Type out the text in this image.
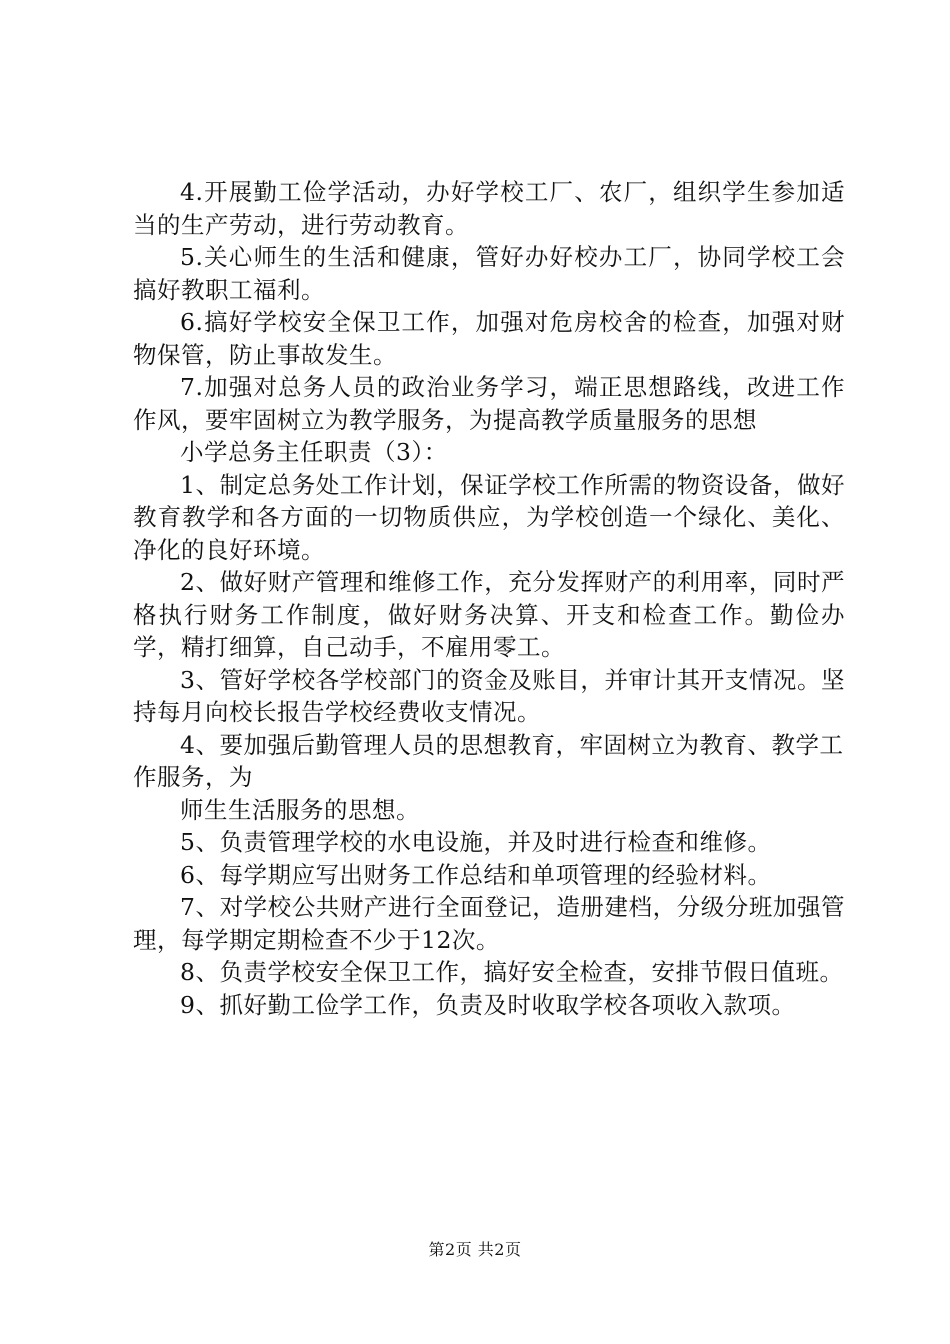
4.开展勤工俭学活动，办好学校工厂、农厂，组织学生参加适当的生产劳动，进行劳动教育。

5.关心师生的生活和健康，管好办好校办工厂，协同学校工会搞好教职工福利。

6.搞好学校安全保卫工作，加强对危房校舍的检查，加强对财物保管，防止事故发生。

7.加强对总务人员的政治业务学习，端正思想路线，改进工作作风，要牢固树立为教学服务，为提高教学质量服务的思想

小学总务主任职责（3）：

1、制定总务处工作计划，保证学校工作所需的物资设备，做好教育教学和各方面的一切物质供应，为学校创造一个绿化、美化、净化的良好环境。

2、做好财产管理和维修工作，充分发挥财产的利用率，同时严格执行财务工作制度，做好财务决算、开支和检查工作。勤俭办学，精打细算，自己动手，不雇用零工。

3、管好学校各学校部门的资金及账目，并审计其开支情况。坚持每月向校长报告学校经费收支情况。

4、要加强后勤管理人员的思想教育，牢固树立为教育、教学工作服务，为

师生生活服务的思想。

5、负责管理学校的水电设施，并及时进行检查和维修。

6、每学期应写出财务工作总结和单项管理的经验材料。

7、对学校公共财产进行全面登记，造册建档，分级分班加强管理，每学期定期检查不少于12次。

8、负责学校安全保卫工作，搞好安全检查，安排节假日值班。

9、抓好勤工俭学工作，负责及时收取学校各项收入款项。

第2页 共2页
